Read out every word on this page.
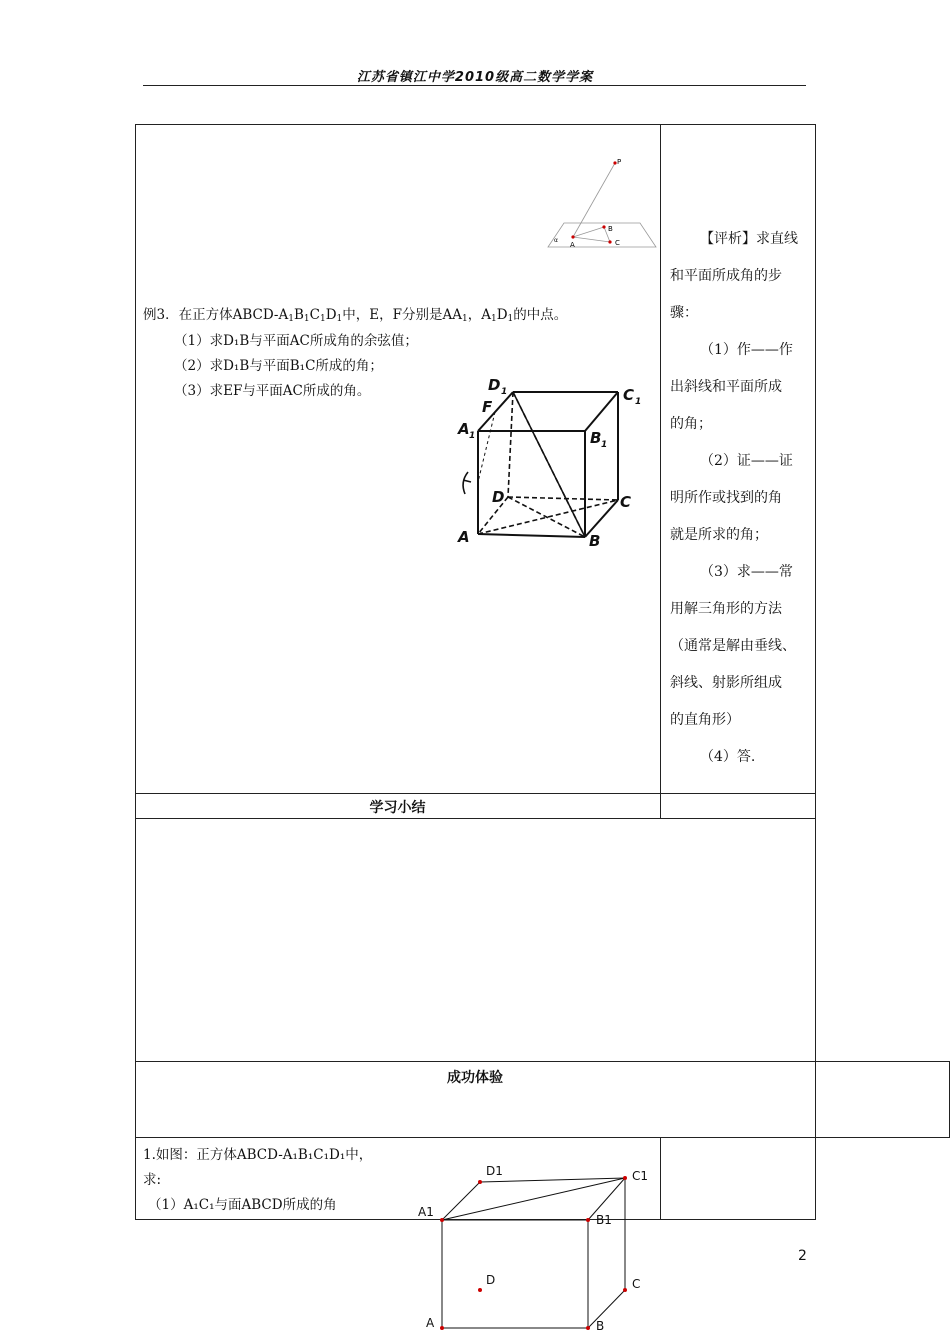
江苏省镇江中学2010级高二数学学案
P
B
A	C
α
例3．在正方体ABCD-$A_1B_1C_1D_1$中，E，F分别是$AA_1$，$A_1D_1$的中点。
（1）求D₁B与平面AC所成角的余弦值；
（2）求D₁B与平面B₁C所成的角；
（3）求EF与平面AC所成的角。	D 1	C 1
F
A 1	B 1
D	C
A	B
【评析】求直线
和平面所成角的步
骤：
（1）作——作
出斜线和平面所成
的角；
（2）证——证
明所作或找到的角
就是所求的角；
（3）求——常
用解三角形的方法
（通常是解由垂线、
斜线、射影所组成
的直角形）
（4）答.
学习小结
成功体验
1.如图：正方体ABCD-A₁B₁C₁D₁中，
求:
（1）A₁C₁与面ABCD所成的角
D1	C1
A1
B1
D	C
A	B
2
